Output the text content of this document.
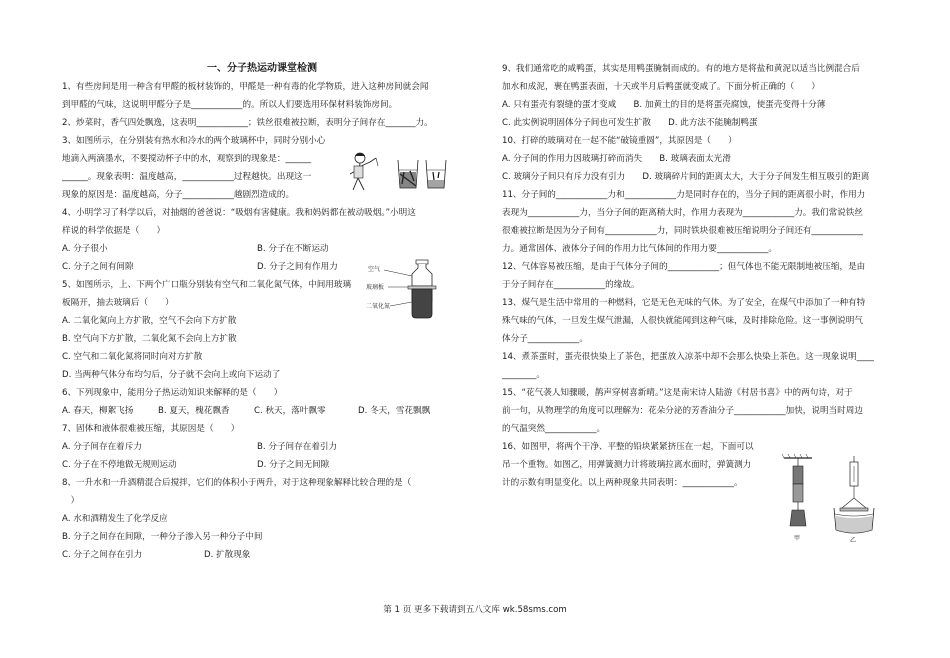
一、分子热运动课堂检测
1、有些房间是用一种含有甲醛的板材装饰的，甲醛是一种有毒的化学物质，进入这种房间就会闻
到甲醛的气味，这说明甲醛分子是____________的。所以人们要选用环保材料装饰房间。
2、炒菜时，香气四处飘逸，这表明____________；铁丝很难被拉断，表明分子间存在_______力。
3、如图所示，在分别装有热水和冷水的两个玻璃杯中，同时分别小心
地滴入两滴墨水，不要搅动杯子中的水，观察到的现象是：______
______。现象表明：温度越高，____________过程越快。出现这一
现象的原因是：温度越高，分子____________越剧烈造成的。
4、小明学习了科学以后，对抽烟的爸爸说：“吸烟有害健康。我和妈妈都在被动吸烟。”小明这
样说的科学依据是（　　）
A. 分子很小	B. 分子在不断运动
C. 分子之间有间隙	D. 分子之间有作用力
5、如图所示，上、下两个广口瓶分别装有空气和二氧化氮气体，中间用玻璃
板隔开，抽去玻璃后（　　）
A. 二氧化氮向上方扩散，空气不会向下方扩散
B. 空气向下方扩散，二氧化氮不会向上方扩散
C. 空气和二氧化氮将同时向对方扩散
D. 当两种气体分布均匀后，分子就不会向上或向下运动了
6、下列现象中，能用分子热运动知识来解释的是（　　）
A. 春天，柳絮飞扬	B. 夏天，槐花飘香	C. 秋天，落叶飘零	D. 冬天，雪花飘飘
7、固体和液体很难被压缩，其原因是（　　）
A. 分子间存在着斥力	B. 分子间存在着引力
C. 分子在不停地做无规则运动	D. 分子之间无间隙
8、一升水和一升酒精混合后搅拌，它们的体积小于两升，对于这种现象解释比较合理的是（
　）
A. 水和酒精发生了化学反应
B. 分子之间存在间隙，一种分子渗入另一种分子中间
C. 分子之间存在引力	D. 扩散现象
空气
玻璃板
二氧化氮
9、我们通常吃的咸鸭蛋，其实是用鸭蛋腌制而成的。有的地方是将盐和黄泥以适当比例混合后
加水和成泥，裹在鸭蛋表面，十天或半月后鸭蛋就变咸了。下面分析正确的（　　）
A. 只有蛋壳有裂缝的蛋才变咸　　B. 加黄土的目的是将蛋壳腐蚀，使蛋壳变得十分薄
C. 此实例说明固体分子间也可发生扩散　　D. 此方法不能腌制鸭蛋
10、打碎的玻璃对在一起不能“破镜重圆”，其原因是（　　）
A. 分子间的作用力因玻璃打碎而消失　　B. 玻璃表面太光滑
C. 玻璃分子间只有斥力没有引力　　D. 玻璃碎片间的距离太大，大于分子间发生相互吸引的距离
11、分子间的____________力和____________力是同时存在的，当分子间的距离很小时，作用力
表现为____________力，当分子间的距离稍大时，作用力表现为____________力。我们常说铁丝
很难被拉断是因为分子间有____________力，同时铁块很难被压缩说明分子间还有____________
力。通常固体、液体分子间的作用力比气体间的作用力要____________。
12、气体容易被压缩，是由于气体分子间的____________；但气体也不能无限制地被压缩，是由
于分子间存在____________的缘故。
13、煤气是生活中常用的一种燃料，它是无色无味的气体。为了安全，在煤气中添加了一种有特
殊气味的气体，一旦发生煤气泄漏，人很快就能闻到这种气味，及时排除危险。这一事例说明气
体分子____________。
14、煮茶蛋时，蛋壳很快染上了茶色，把蛋放入凉茶中却不会那么快染上茶色。这一现象说明____
________。
15、“花气袭人知骤暖，鹊声穿树喜新晴。”这是南宋诗人陆游《村居书喜》中的两句诗，对于
前一句，从物理学的角度可以理解为：花朵分泌的芳香油分子____________加快，说明当时周边
的气温突然____________。
16、如图甲，将两个干净、平整的铅块紧紧挤压在一起，下面可以
吊一个重物。如图乙，用弹簧测力计将玻璃拉离水面时，弹簧测力
计的示数有明显变化。以上两种现象共同表明：____________。
甲	乙
第 1 页 更多下载请到五八文库 wk.58sms.com
